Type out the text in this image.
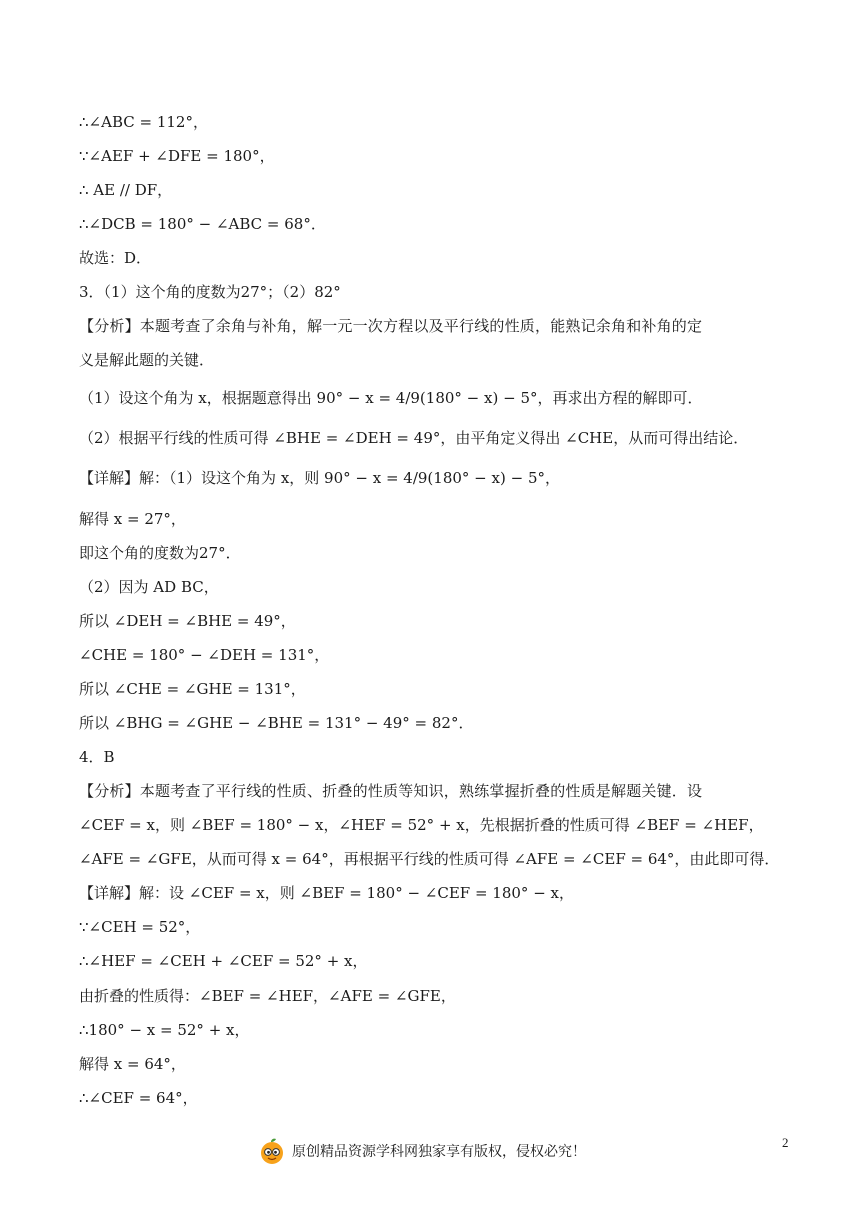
∴∠ABC = 112°，
∵∠AEF + ∠DFE = 180°，
∴ AE // DF，
∴∠DCB = 180° − ∠ABC = 68°．
故选：D．
3．（1）这个角的度数为27°；（2）82°
【分析】本题考查了余角与补角，解一元一次方程以及平行线的性质，能熟记余角和补角的定
义是解此题的关键．
（1）设这个角为 x，根据题意得出 90° − x = 4/9(180° − x) − 5°，再求出方程的解即可．
（2）根据平行线的性质可得 ∠BHE = ∠DEH = 49°，由平角定义得出 ∠CHE，从而可得出结论．
【详解】解：（1）设这个角为 x，则 90° − x = 4/9(180° − x) − 5°，
解得 x = 27°，
即这个角的度数为27°．
（2）因为 AD BC，
所以 ∠DEH = ∠BHE = 49°，
∠CHE = 180° − ∠DEH = 131°，
所以 ∠CHE = ∠GHE = 131°，
所以 ∠BHG = ∠GHE − ∠BHE = 131° − 49° = 82°．
4．B
【分析】本题考查了平行线的性质、折叠的性质等知识，熟练掌握折叠的性质是解题关键．设
∠CEF = x，则 ∠BEF = 180° − x，∠HEF = 52° + x，先根据折叠的性质可得 ∠BEF = ∠HEF，
∠AFE = ∠GFE，从而可得 x = 64°，再根据平行线的性质可得 ∠AFE = ∠CEF = 64°，由此即可得．
【详解】解：设 ∠CEF = x，则 ∠BEF = 180° − ∠CEF = 180° − x，
∵∠CEH = 52°，
∴∠HEF = ∠CEH + ∠CEF = 52° + x，
由折叠的性质得：∠BEF = ∠HEF，∠AFE = ∠GFE，
∴180° − x = 52° + x，
解得 x = 64°，
∴∠CEF = 64°，
原创精品资源学科网独家享有版权，侵权必究！
2
